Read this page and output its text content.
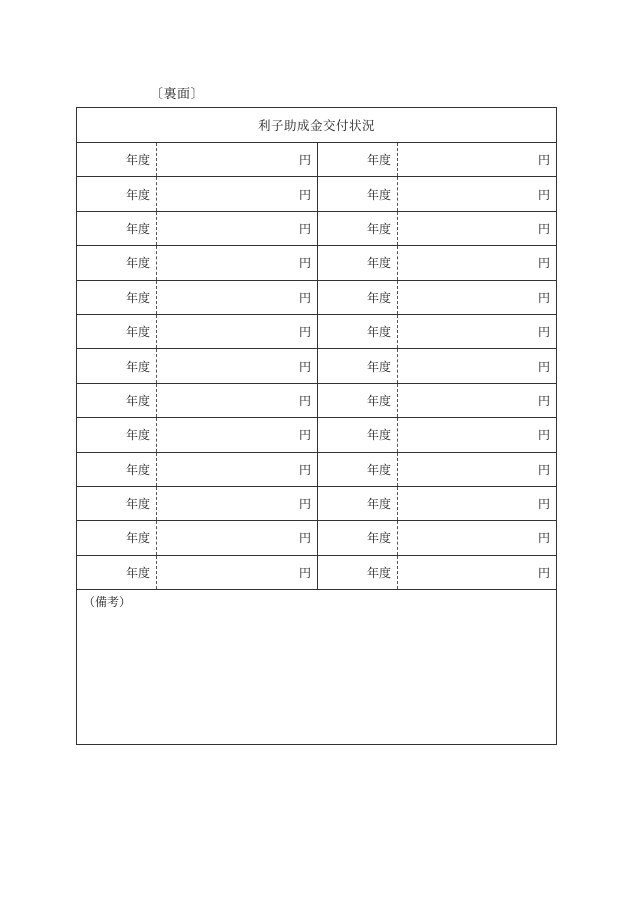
〔裏面〕
利子助成金交付状況
年度	円	年度	円
年度	円	年度	円
年度	円	年度	円
年度	円	年度	円
年度	円	年度	円
年度	円	年度	円
年度	円	年度	円
年度	円	年度	円
年度	円	年度	円
年度	円	年度	円
年度	円	年度	円
年度	円	年度	円
年度	円	年度	円
（備考）
